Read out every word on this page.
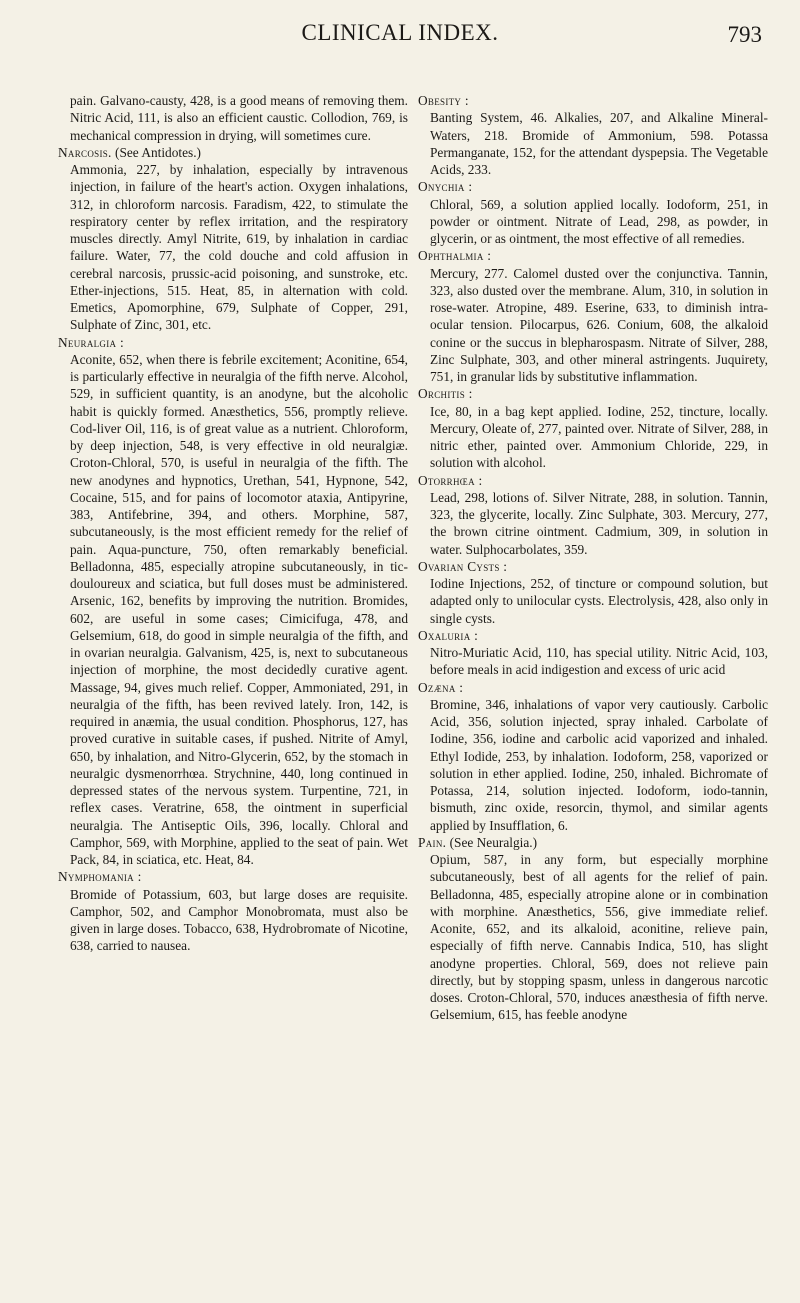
CLINICAL INDEX.	793

pain. Galvano-causty, 428, is a good means of removing them. Nitric Acid, 111, is also an efficient caustic. Collodion, 769, is mechanical compression in drying, will sometimes cure.

Narcosis. (See Antidotes.)

Ammonia, 227, by inhalation, especially by intravenous injection, in failure of the heart's action. Oxygen inhalations, 312, in chloroform narcosis. Faradism, 422, to stimulate the respiratory center by reflex irritation, and the respiratory muscles directly. Amyl Nitrite, 619, by inhalation in cardiac failure. Water, 77, the cold douche and cold affusion in cerebral narcosis, prussic-acid poisoning, and sunstroke, etc. Ether-injections, 515. Heat, 85, in alternation with cold. Emetics, Apomorphine, 679, Sulphate of Copper, 291, Sulphate of Zinc, 301, etc.

Neuralgia :

Aconite, 652, when there is febrile excitement; Aconitine, 654, is particularly effective in neuralgia of the fifth nerve. Alcohol, 529, in sufficient quantity, is an anodyne, but the alcoholic habit is quickly formed. Anæsthetics, 556, promptly relieve. Cod-liver Oil, 116, is of great value as a nutrient. Chloroform, by deep injection, 548, is very effective in old neuralgiæ. Croton-Chloral, 570, is useful in neuralgia of the fifth. The new anodynes and hypnotics, Urethan, 541, Hypnone, 542, Cocaine, 515, and for pains of locomotor ataxia, Antipyrine, 383, Antifebrine, 394, and others. Morphine, 587, subcutaneously, is the most efficient remedy for the relief of pain. Aqua-puncture, 750, often remarkably beneficial. Belladonna, 485, especially atropine subcutaneously, in tic-douloureux and sciatica, but full doses must be administered. Arsenic, 162, benefits by improving the nutrition. Bromides, 602, are useful in some cases; Cimicifuga, 478, and Gelsemium, 618, do good in simple neuralgia of the fifth, and in ovarian neuralgia. Galvanism, 425, is, next to subcutaneous injection of morphine, the most decidedly curative agent. Massage, 94, gives much relief. Copper, Ammoniated, 291, in neuralgia of the fifth, has been revived lately. Iron, 142, is required in anæmia, the usual condition. Phosphorus, 127, has proved curative in suitable cases, if pushed. Nitrite of Amyl, 650, by inhalation, and Nitro-Glycerin, 652, by the stomach in neuralgic dysmenorrhœa. Strychnine, 440, long continued in depressed states of the nervous system. Turpentine, 721, in reflex cases. Veratrine, 658, the ointment in superficial neuralgia. The Antiseptic Oils, 396, locally. Chloral and Camphor, 569, with Morphine, applied to the seat of pain. Wet Pack, 84, in sciatica, etc. Heat, 84.

Nymphomania :

Bromide of Potassium, 603, but large doses are requisite. Camphor, 502, and Camphor Monobromata, must also be given in large doses. Tobacco, 638, Hydrobromate of Nicotine, 638, carried to nausea.

Obesity :

Banting System, 46. Alkalies, 207, and Alkaline Mineral-Waters, 218. Bromide of Ammonium, 598. Potassa Permanganate, 152, for the attendant dyspepsia. The Vegetable Acids, 233.

Onychia :

Chloral, 569, a solution applied locally. Iodoform, 251, in powder or ointment. Nitrate of Lead, 298, as powder, in glycerin, or as ointment, the most effective of all remedies.

Ophthalmia :

Mercury, 277. Calomel dusted over the conjunctiva. Tannin, 323, also dusted over the membrane. Alum, 310, in solution in rose-water. Atropine, 489. Eserine, 633, to diminish intra-ocular tension. Pilocarpus, 626. Conium, 608, the alkaloid conine or the succus in blepharospasm. Nitrate of Silver, 288, Zinc Sulphate, 303, and other mineral astringents. Juquirety, 751, in granular lids by substitutive inflammation.

Orchitis :

Ice, 80, in a bag kept applied. Iodine, 252, tincture, locally. Mercury, Oleate of, 277, painted over. Nitrate of Silver, 288, in nitric ether, painted over. Ammonium Chloride, 229, in solution with alcohol.

Otorrhœa :

Lead, 298, lotions of. Silver Nitrate, 288, in solution. Tannin, 323, the glycerite, locally. Zinc Sulphate, 303. Mercury, 277, the brown citrine ointment. Cadmium, 309, in solution in water. Sulphocarbolates, 359.

Ovarian Cysts :

Iodine Injections, 252, of tincture or compound solution, but adapted only to unilocular cysts. Electrolysis, 428, also only in single cysts.

Oxaluria :

Nitro-Muriatic Acid, 110, has special utility. Nitric Acid, 103, before meals in acid indigestion and excess of uric acid

Ozæna :

Bromine, 346, inhalations of vapor very cautiously. Carbolic Acid, 356, solution injected, spray inhaled. Carbolate of Iodine, 356, iodine and carbolic acid vaporized and inhaled. Ethyl Iodide, 253, by inhalation. Iodoform, 258, vaporized or solution in ether applied. Iodine, 250, inhaled. Bichromate of Potassa, 214, solution injected. Iodoform, iodo-tannin, bismuth, zinc oxide, resorcin, thymol, and similar agents applied by Insufflation, 6.

Pain. (See Neuralgia.)

Opium, 587, in any form, but especially morphine subcutaneously, best of all agents for the relief of pain. Belladonna, 485, especially atropine alone or in combination with morphine. Anæsthetics, 556, give immediate relief. Aconite, 652, and its alkaloid, aconitine, relieve pain, especially of fifth nerve. Cannabis Indica, 510, has slight anodyne properties. Chloral, 569, does not relieve pain directly, but by stopping spasm, unless in dangerous narcotic doses. Croton-Chloral, 570, induces anæsthesia of fifth nerve. Gelsemium, 615, has feeble anodyne
